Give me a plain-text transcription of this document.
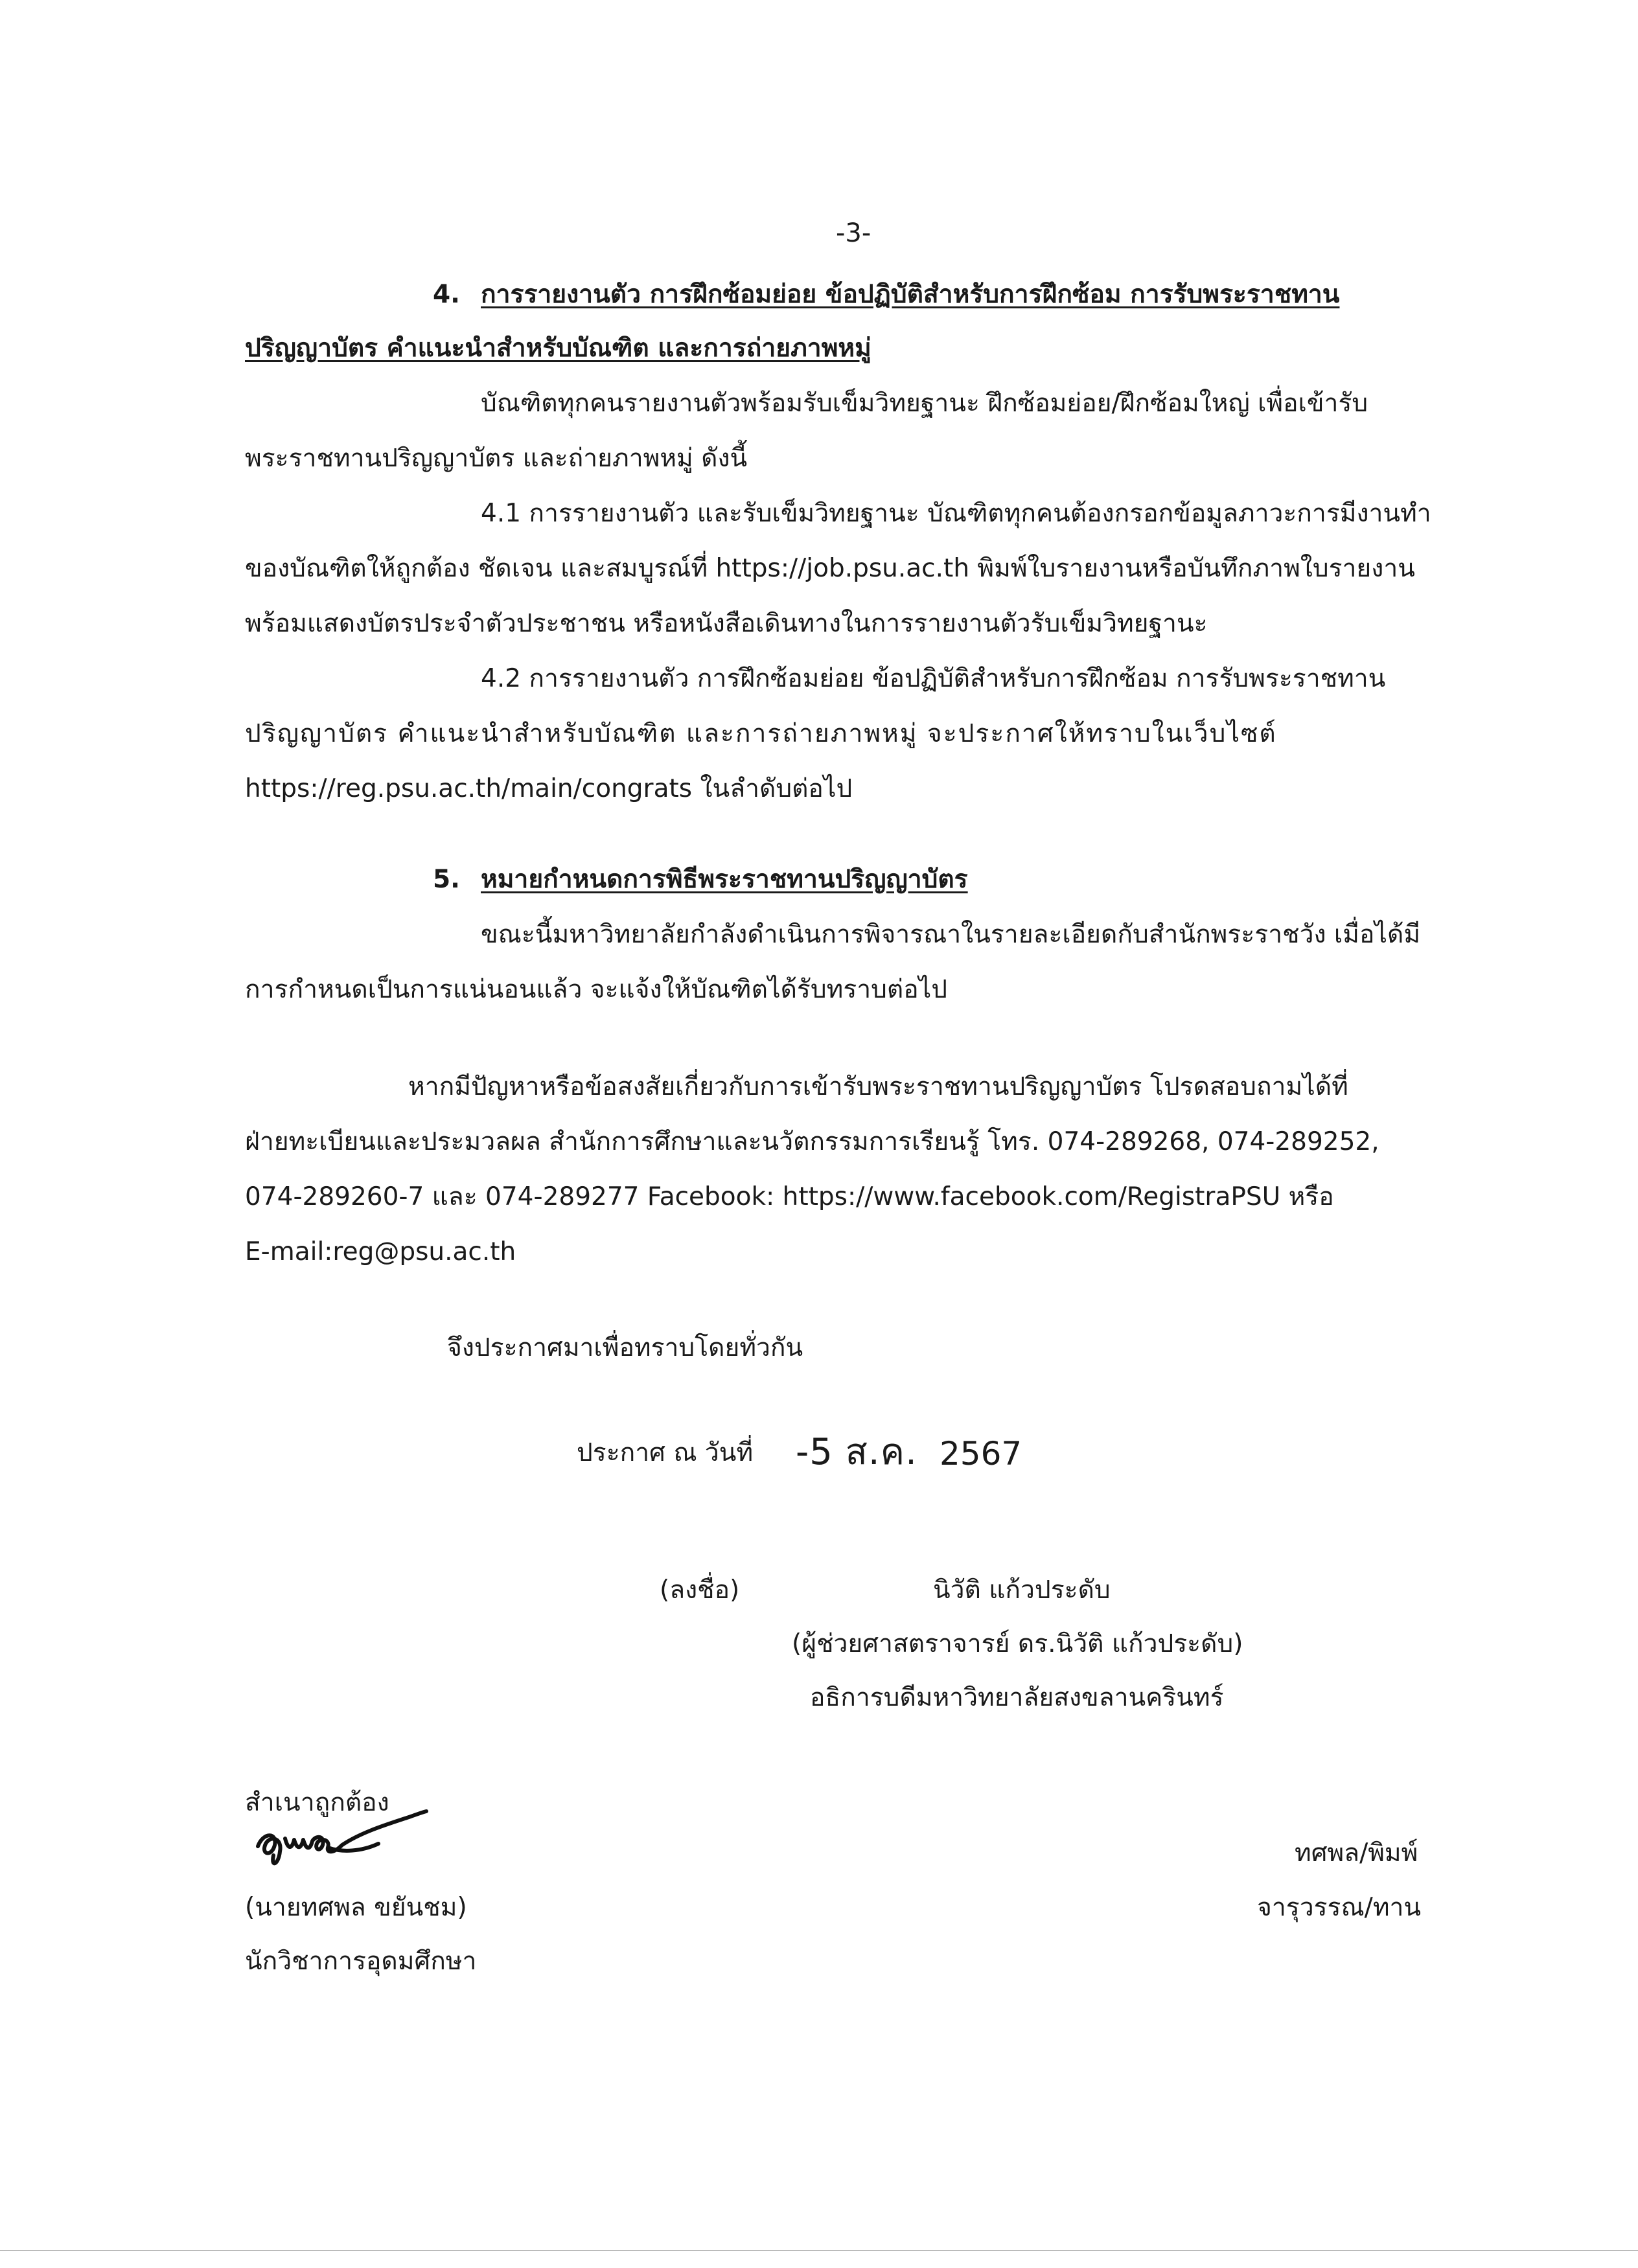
-3-
4. การรายงานตัว การฝึกซ้อมย่อย ข้อปฏิบัติสำหรับการฝึกซ้อม การรับพระราชทาน
ปริญญาบัตร คำแนะนำสำหรับบัณฑิต และการถ่ายภาพหมู่
บัณฑิตทุกคนรายงานตัวพร้อมรับเข็มวิทยฐานะ ฝึกซ้อมย่อย/ฝึกซ้อมใหญ่ เพื่อเข้ารับ
พระราชทานปริญญาบัตร และถ่ายภาพหมู่ ดังนี้
4.1 การรายงานตัว และรับเข็มวิทยฐานะ บัณฑิตทุกคนต้องกรอกข้อมูลภาวะการมีงานทำ
ของบัณฑิตให้ถูกต้อง ชัดเจน และสมบูรณ์ที่ https://job.psu.ac.th พิมพ์ใบรายงานหรือบันทึกภาพใบรายงาน
พร้อมแสดงบัตรประจำตัวประชาชน หรือหนังสือเดินทางในการรายงานตัวรับเข็มวิทยฐานะ
4.2 การรายงานตัว การฝึกซ้อมย่อย ข้อปฏิบัติสำหรับการฝึกซ้อม การรับพระราชทาน
ปริญญาบัตร คำแนะนำสำหรับบัณฑิต และการถ่ายภาพหมู่ จะประกาศให้ทราบในเว็บไซต์
https://reg.psu.ac.th/main/congrats ในลำดับต่อไป
5. หมายกำหนดการพิธีพระราชทานปริญญาบัตร
ขณะนี้มหาวิทยาลัยกำลังดำเนินการพิจารณาในรายละเอียดกับสำนักพระราชวัง เมื่อได้มี
การกำหนดเป็นการแน่นอนแล้ว จะแจ้งให้บัณฑิตได้รับทราบต่อไป
หากมีปัญหาหรือข้อสงสัยเกี่ยวกับการเข้ารับพระราชทานปริญญาบัตร โปรดสอบถามได้ที่
ฝ่ายทะเบียนและประมวลผล สำนักการศึกษาและนวัตกรรมการเรียนรู้ โทร. 074-289268, 074-289252,
074-289260-7 และ 074-289277 Facebook: https://www.facebook.com/RegistraPSU หรือ
E-mail:reg@psu.ac.th
จึงประกาศมาเพื่อทราบโดยทั่วกัน
ประกาศ ณ วันที่ -5 ส.ค. 2567
(ลงชื่อ)	นิวัติ แก้วประดับ
(ผู้ช่วยศาสตราจารย์ ดร.นิวัติ แก้วประดับ)
อธิการบดีมหาวิทยาลัยสงขลานครินทร์
สำเนาถูกต้อง
(นายทศพล ขยันชม)
นักวิชาการอุดมศึกษา
ทศพล/พิมพ์
จารุวรรณ/ทาน
